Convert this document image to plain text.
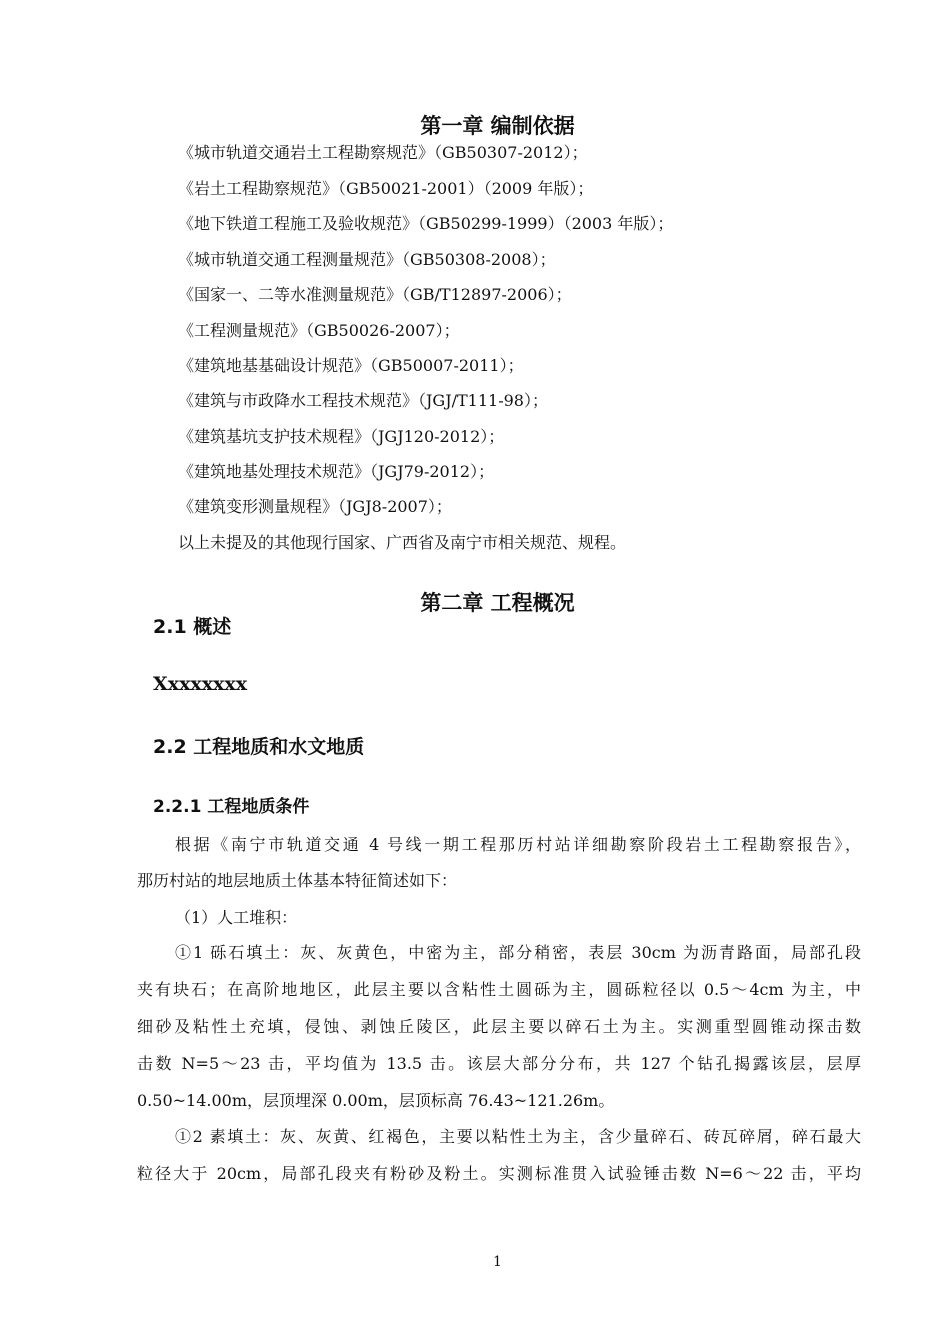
第一章 编制依据
《城市轨道交通岩土工程勘察规范》（GB50307-2012）；
《岩土工程勘察规范》（GB50021-2001）（2009 年版）；
《地下铁道工程施工及验收规范》（GB50299-1999）（2003 年版）；
《城市轨道交通工程测量规范》（GB50308-2008）；
《国家一、二等水准测量规范》（GB/T12897-2006）；
《工程测量规范》（GB50026-2007）；
《建筑地基基础设计规范》（GB50007-2011）；
《建筑与市政降水工程技术规范》（JGJ/T111-98）；
《建筑基坑支护技术规程》（JGJ120-2012）；
《建筑地基处理技术规范》（JGJ79-2012）；
《建筑变形测量规程》（JGJ8-2007）；
以上未提及的其他现行国家、广西省及南宁市相关规范、规程。
第二章 工程概况
2.1 概述
Xxxxxxxx
2.2 工程地质和水文地质
2.2.1 工程地质条件
根据《南宁市轨道交通 4 号线一期工程那历村站详细勘察阶段岩土工程勘察报告》，
那历村站的地层地质土体基本特征简述如下：
（1）人工堆积：
①1 砾石填土：灰、灰黄色，中密为主，部分稍密，表层 30cm 为沥青路面，局部孔段
夹有块石；在高阶地地区，此层主要以含粘性土圆砾为主，圆砾粒径以 0.5～4cm 为主，中
细砂及粘性土充填，侵蚀、剥蚀丘陵区，此层主要以碎石土为主。实测重型圆锥动探击数
击数 N=5～23 击，平均值为 13.5 击。该层大部分分布，共 127 个钻孔揭露该层，层厚
0.50~14.00m，层顶埋深 0.00m，层顶标高 76.43~121.26m。
①2 素填土：灰、灰黄、红褐色，主要以粘性土为主，含少量碎石、砖瓦碎屑，碎石最大
粒径大于 20cm，局部孔段夹有粉砂及粉土。实测标准贯入试验锤击数 N=6～22 击，平均
1
